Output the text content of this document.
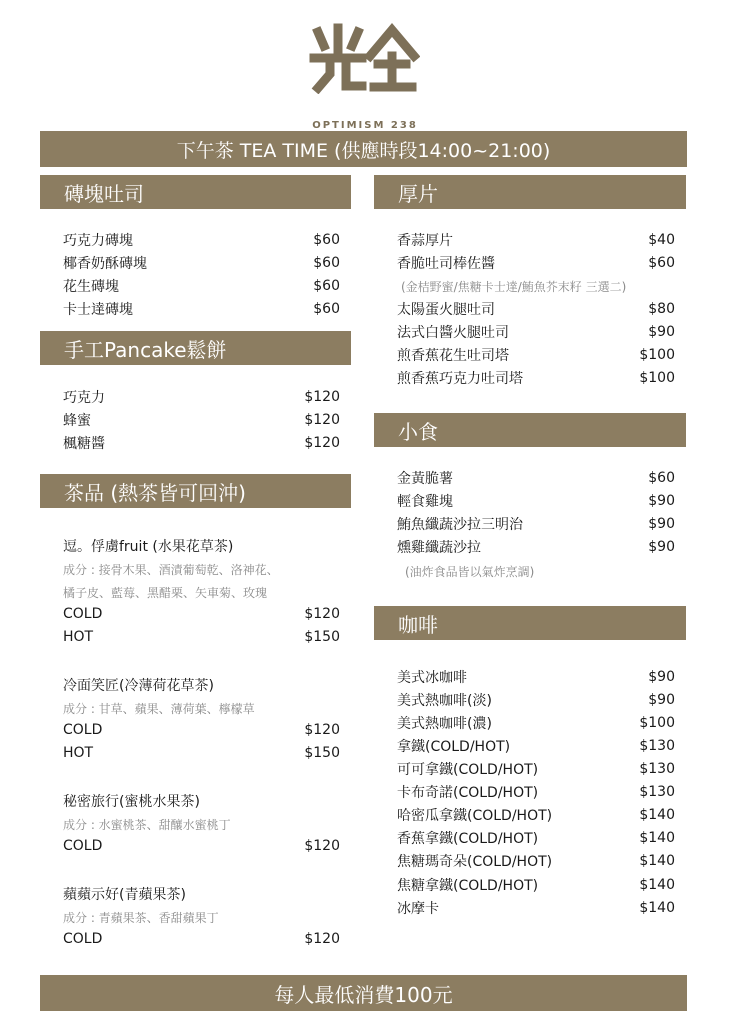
OPTIMISM 238
下午茶 TEA TIME (供應時段14:00~21:00)
磚塊吐司
巧克力磚塊	$60
椰香奶酥磚塊	$60
花生磚塊	$60
卡士達磚塊	$60
手工Pancake鬆餅
巧克力	$120
蜂蜜	$120
楓糖醬	$120
茶品 (熱茶皆可回沖)
逗。俘虜fruit (水果花草茶)
成分 : 接骨木果、酒漬葡萄乾、洛神花、
橘子皮、藍莓、黑醋栗、矢車菊、玫瑰
COLD	$120
HOT	$150
冷面笑匠(冷薄荷花草茶)
成分 : 甘草、蘋果、薄荷葉、檸檬草
COLD	$120
HOT	$150
秘密旅行(蜜桃水果茶)
成分 : 水蜜桃茶、甜釀水蜜桃丁
COLD	$120
蘋蘋示好(青蘋果茶)
成分 : 青蘋果茶、香甜蘋果丁
COLD	$120
厚片
香蒜厚片	$40
香脆吐司棒佐醬	$60
(金桔野蜜/焦糖卡士達/鮪魚芥末籽 三選二)
太陽蛋火腿吐司	$80
法式白醬火腿吐司	$90
煎香蕉花生吐司塔	$100
煎香蕉巧克力吐司塔	$100
小食
金黃脆薯	$60
輕食雞塊	$90
鮪魚纖蔬沙拉三明治	$90
燻雞纖蔬沙拉	$90
(油炸食品皆以氣炸烹調)
咖啡
美式冰咖啡	$90
美式熱咖啡(淡)	$90
美式熱咖啡(濃)	$100
拿鐵(COLD/HOT)	$130
可可拿鐵(COLD/HOT)	$130
卡布奇諾(COLD/HOT)	$130
哈密瓜拿鐵(COLD/HOT)	$140
香蕉拿鐵(COLD/HOT)	$140
焦糖瑪奇朵(COLD/HOT)	$140
焦糖拿鐵(COLD/HOT)	$140
冰摩卡	$140
每人最低消費100元
